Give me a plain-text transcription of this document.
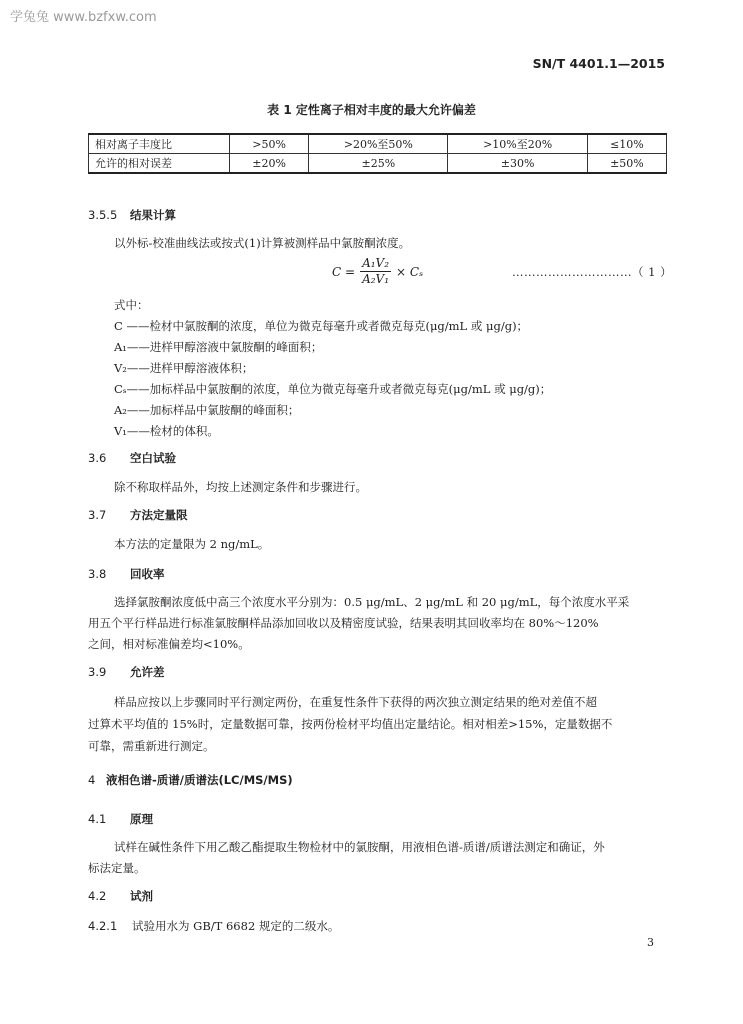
学兔兔 www.bzfxw.com
SN/T 4401.1—2015
表 1 定性离子相对丰度的最大允许偏差
相对离子丰度比	>50%	>20%至50%	>10%至20%	≤10%
允许的相对误差	±20%	±25%	±30%	±50%
3.5.5 结果计算
以外标-校准曲线法或按式(1)计算被测样品中氯胺酮浓度。
$C = \frac{\text{A₁V₂}}{\text{A₂V₁}} \times C_s$	…………………………（ 1 ）
式中：
C ——检材中氯胺酮的浓度，单位为微克每毫升或者微克每克(μg/mL 或 μg/g)；
A₁——进样甲醇溶液中氯胺酮的峰面积；
V₂——进样甲醇溶液体积；
Cₛ——加标样品中氯胺酮的浓度，单位为微克每毫升或者微克每克(μg/mL 或 μg/g)；
A₂——加标样品中氯胺酮的峰面积；
V₁——检材的体积。
3.6 空白试验
除不称取样品外，均按上述测定条件和步骤进行。
3.7 方法定量限
本方法的定量限为 2 ng/mL。
3.8 回收率
选择氯胺酮浓度低中高三个浓度水平分别为：0.5 μg/mL、2 μg/mL 和 20 μg/mL，每个浓度水平采
用五个平行样品进行标准氯胺酮样品添加回收以及精密度试验，结果表明其回收率均在 80%～120%
之间，相对标准偏差均<10%。
3.9 允许差
样品应按以上步骤同时平行测定两份，在重复性条件下获得的两次独立测定结果的绝对差值不超
过算术平均值的 15%时，定量数据可靠，按两份检材平均值出定量结论。相对相差>15%，定量数据不
可靠，需重新进行测定。
4 液相色谱-质谱/质谱法(LC/MS/MS)
4.1 原理
试样在碱性条件下用乙酸乙酯提取生物检材中的氯胺酮，用液相色谱-质谱/质谱法测定和确证，外
标法定量。
4.2 试剂
4.2.1 试验用水为 GB/T 6682 规定的二级水。
3
